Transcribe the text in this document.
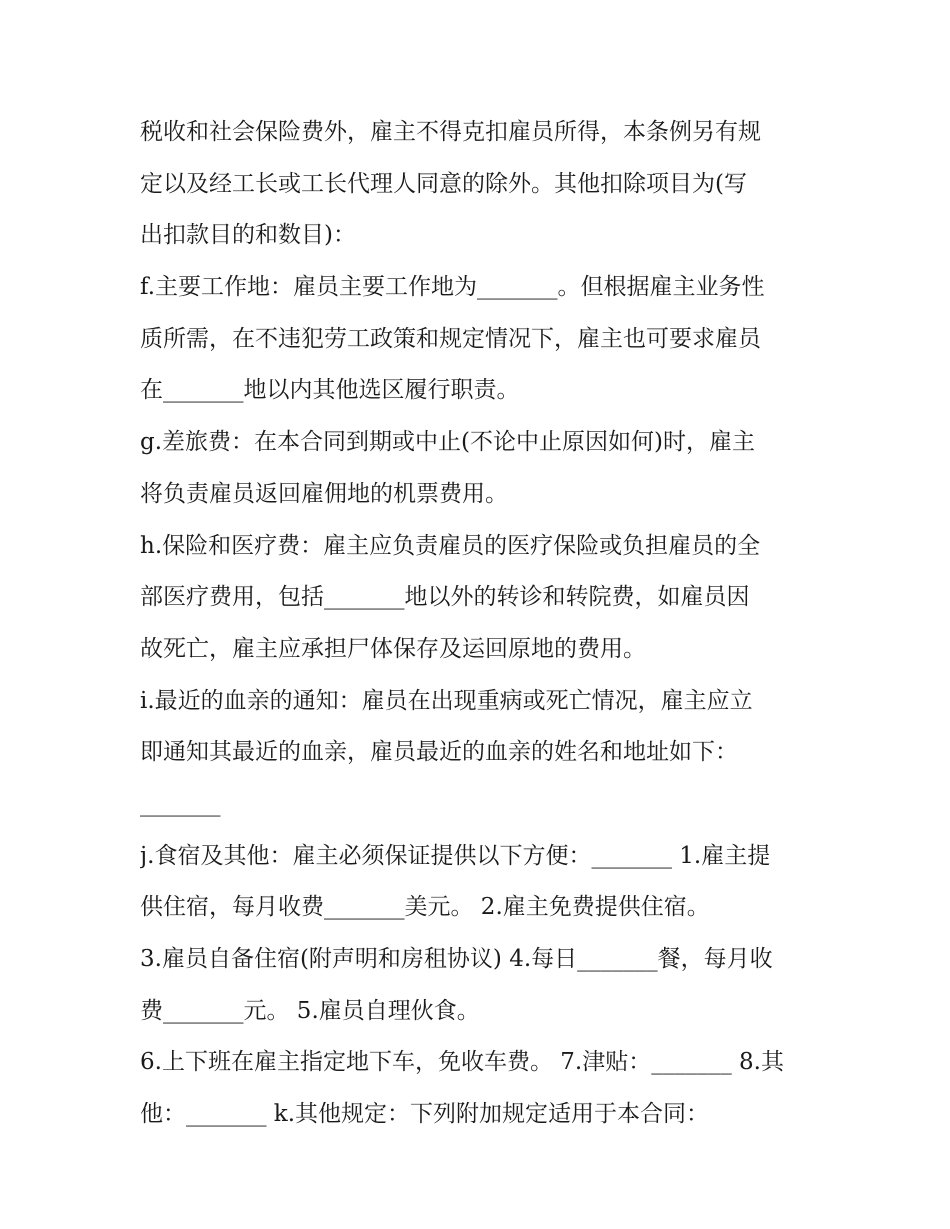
税收和社会保险费外，雇主不得克扣雇员所得，本条例另有规
定以及经工长或工长代理人同意的除外。其他扣除项目为(写
出扣款目的和数目)：
f.主要工作地：雇员主要工作地为_______。但根据雇主业务性
质所需，在不违犯劳工政策和规定情况下，雇主也可要求雇员
在_______地以内其他选区履行职责。
g.差旅费：在本合同到期或中止(不论中止原因如何)时，雇主
将负责雇员返回雇佣地的机票费用。
h.保险和医疗费：雇主应负责雇员的医疗保险或负担雇员的全
部医疗费用，包括_______地以外的转诊和转院费，如雇员因
故死亡，雇主应承担尸体保存及运回原地的费用。
i.最近的血亲的通知：雇员在出现重病或死亡情况，雇主应立
即通知其最近的血亲，雇员最近的血亲的姓名和地址如下：
_______
j.食宿及其他：雇主必须保证提供以下方便：_______ 1.雇主提
供住宿，每月收费_______美元。 2.雇主免费提供住宿。
3.雇员自备住宿(附声明和房租协议) 4.每日_______餐，每月收
费_______元。 5.雇员自理伙食。
6.上下班在雇主指定地下车，免收车费。 7.津贴：_______ 8.其
他：_______ k.其他规定：下列附加规定适用于本合同：
